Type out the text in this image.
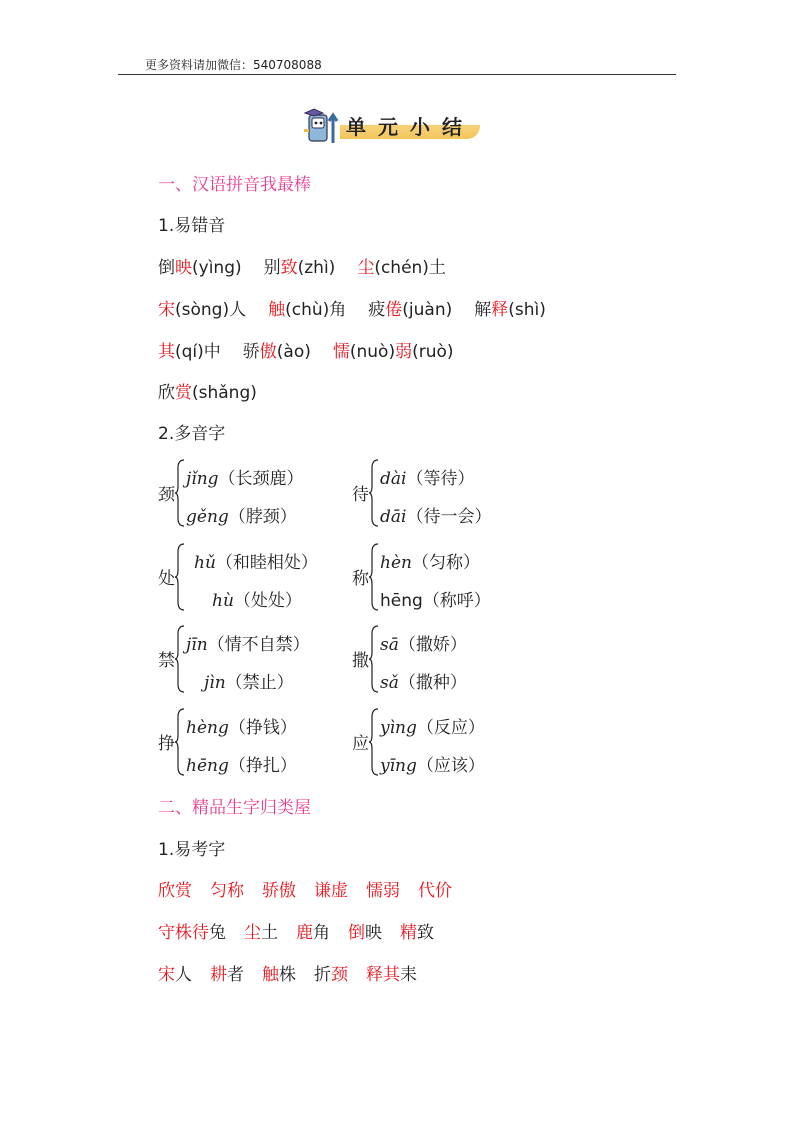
更多资料请加微信：540708088
单元小结
一、汉语拼音我最棒
1.易错音
倒映(yìng) 别致(zhì) 尘(chén)土
宋(sòng)人 触(chù)角 疲倦(juàn) 解释(shì)
其(qí)中 骄傲(ào) 懦(nuò)弱(ruò)
欣赏(shǎng)
2.多音字
颈
jǐng（长颈鹿）
gěng（脖颈）
待
dài（等待）
dāi（待一会）
处
hǔ（和睦相处）
hù（处处）
称
hèn（匀称）
hēng（称呼）
禁
jīn（情不自禁）
jìn（禁止）
撒
sā（撒娇）
sǎ（撒种）
挣
hèng（挣钱）
hēng（挣扎）
应
yìng（反应）
yīng（应该）
二、精品生字归类屋
1.易考字
欣赏 匀称 骄傲 谦虚 懦弱 代价
守株待兔 尘土 鹿角 倒映 精致
宋人 耕者 触株 折颈 释其耒
